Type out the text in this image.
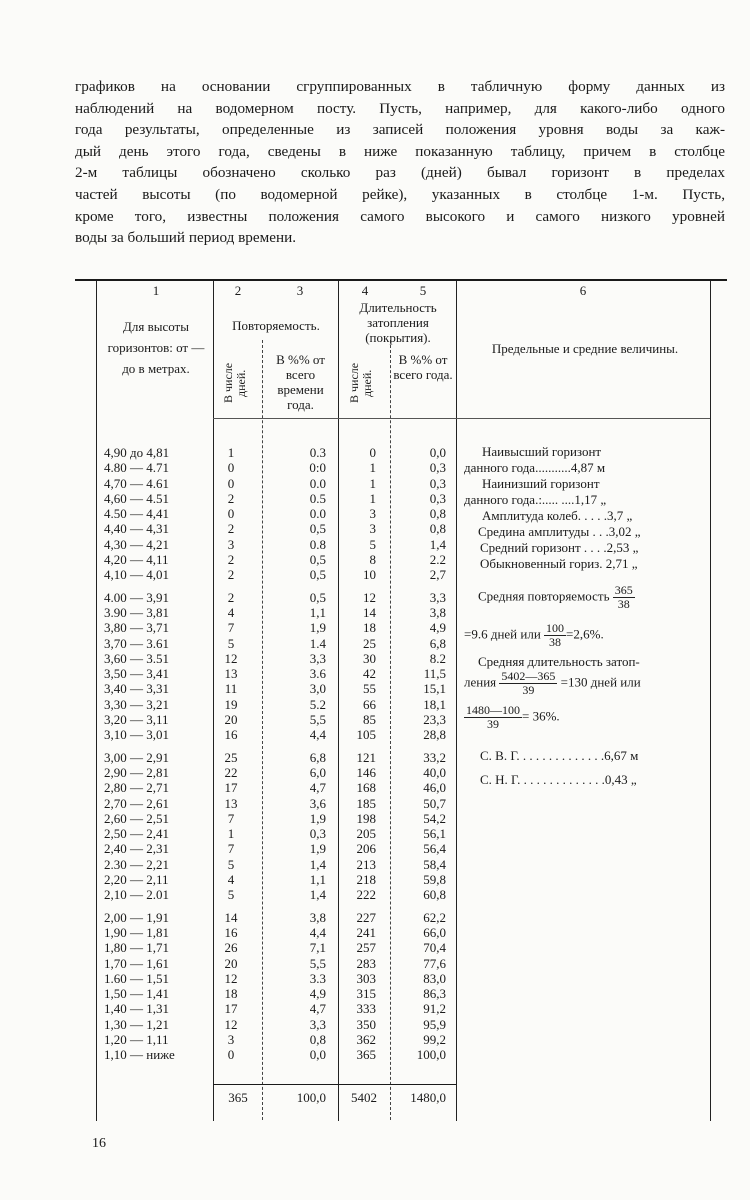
графиков на основании сгруппированных в табличную форму данных из
наблюдений на водомерном посту. Пусть, например, для какого-либо одного
года результаты, определенные из записей положения уровня воды за каж-
дый день этого года, сведены в ниже показанную таблицу, причем в столбце
2-м таблицы обозначено сколько раз (дней) бывал горизонт в пределах
частей высоты (по водомерной рейке), указанных в столбце 1-м. Пусть,
кроме того, известны положения самого высокого и самого низкого уровней
воды за больший период времени.
1	2	3	4	5	6
Для высоты горизонтов: от — до в метрах.
Повторяемость.
Длительность затопления (покрытия).
Предельные и средние величины.
В числе дней.
В %% от всего времени года.
В числе дней.
В %% от всего года.
4,90 до 4,81	1	0.3	0	0,0
4.80 — 4.71	0	0:0	1	0,3
4,70 — 4.61	0	0.0	1	0,3
4,60 — 4.51	2	0.5	1	0,3
4.50 — 4,41	0	0.0	3	0,8
4,40 — 4,31	2	0,5	3	0,8
4,30 — 4,21	3	0.8	5	1,4
4,20 — 4,11	2	0,5	8	2.2
4,10 — 4,01	2	0,5	10	2,7
4.00 — 3,91	2	0,5	12	3,3
3.90 — 3,81	4	1,1	14	3,8
3,80 — 3,71	7	1,9	18	4,9
3,70 — 3.61	5	1.4	25	6,8
3,60 — 3.51	12	3,3	30	8.2
3,50 — 3,41	13	3.6	42	11,5
3,40 — 3,31	11	3,0	55	15,1
3,30 — 3,21	19	5.2	66	18,1
3,20 — 3,11	20	5,5	85	23,3
3,10 — 3,01	16	4,4	105	28,8
3,00 — 2,91	25	6,8	121	33,2
2,90 — 2,81	22	6,0	146	40,0
2,80 — 2,71	17	4,7	168	46,0
2,70 — 2,61	13	3,6	185	50,7
2,60 — 2,51	7	1,9	198	54,2
2,50 — 2,41	1	0,3	205	56,1
2,40 — 2,31	7	1,9	206	56,4
2.30 — 2,21	5	1,4	213	58,4
2,20 — 2,11	4	1,1	218	59,8
2,10 — 2.01	5	1,4	222	60,8
2,00 — 1,91	14	3,8	227	62,2
1,90 — 1,81	16	4,4	241	66,0
1,80 — 1,71	26	7,1	257	70,4
1,70 — 1,61	20	5,5	283	77,6
1.60 — 1,51	12	3.3	303	83,0
1,50 — 1,41	18	4,9	315	86,3
1,40 — 1,31	17	4,7	333	91,2
1,30 — 1,21	12	3,3	350	95,9
1,20 — 1,11	3	0,8	362	99,2
1,10 — ниже	0	0,0	365	100,0
365	100,0	5402	1480,0
Наивысший горизонт
данного года...........4,87 м
Наинизший горизонт
данного года.:..... ....1,17 „
Амплитуда колеб. . . . .3,7 „
Средина амплитуды . . .3,02 „
Средний горизонт . . . .2,53 „
Обыкновенный гориз. 2,71 „
Средняя повторяемость $\frac{365}{38}$
=9.6 дней или $\frac{100}{38} =2,6\%$.
Средняя длительность затоп-
ления $\frac{5402—365}{39} =130$ дней или
$\frac{1480—100}{39} = 36\%$.
С. В. Г. . . . . . . . . . . . . .6,67 м
С. Н. Г. . . . . . . . . . . . . .0,43 „
16
